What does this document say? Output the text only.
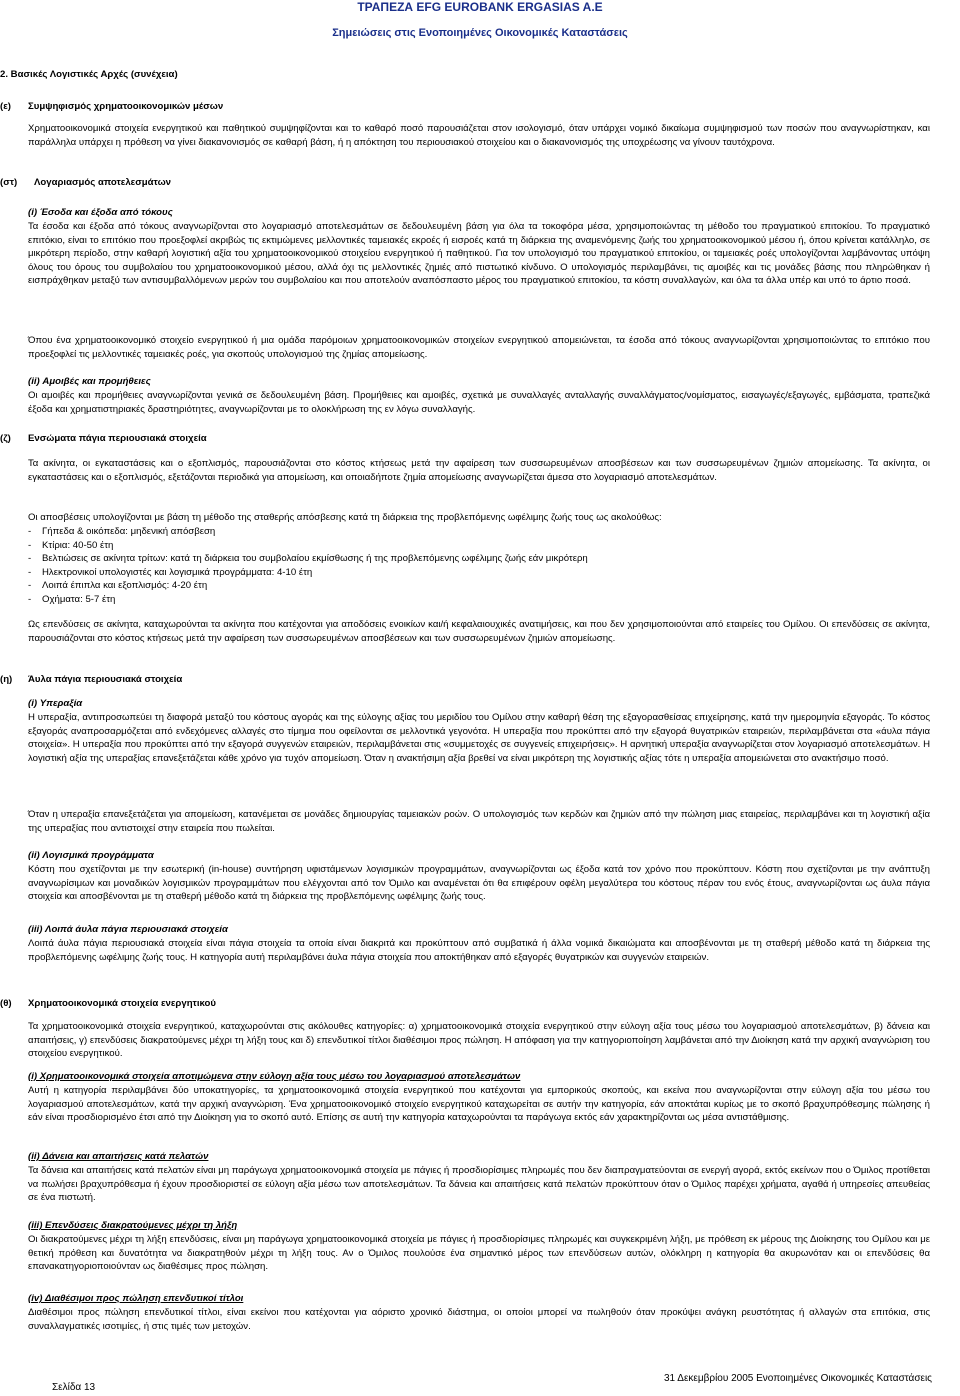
ΤΡΑΠΕΖΑ EFG EUROBANK ERGASIAS A.E
Σημειώσεις στις Ενοποιημένες Οικονομικές Καταστάσεις
2. Βασικές Λογιστικές Αρχές (συνέχεια)
(ε) Συμψηφισμός χρηματοοικονομικών μέσων

Χρηματοοικονομικά στοιχεία ενεργητικού και παθητικού συμψηφίζονται και το καθαρό ποσό παρουσιάζεται στον ισολογισμό, όταν υπάρχει νομικό δικαίωμα συμψηφισμού των ποσών που αναγνωρίστηκαν, και παράλληλα υπάρχει η πρόθεση να γίνει διακανονισμός σε καθαρή βάση, ή η απόκτηση του περιουσιακού στοιχείου και ο διακανονισμός της υποχρέωσης να γίνουν ταυτόχρονα.

(στ) Λογαριασμός αποτελεσμάτων
(i) Έσοδα και έξοδα από τόκους

Τα έσοδα και έξοδα από τόκους αναγνωρίζονται στο λογαριασμό αποτελεσμάτων σε δεδουλευμένη βάση για όλα τα τοκοφόρα μέσα, χρησιμοποιώντας τη μέθοδο του πραγματικού επιτοκίου. Το πραγματικό επιτόκιο, είναι το επιτόκιο που προεξοφλεί ακριβώς τις εκτιμώμενες μελλοντικές ταμειακές εκροές ή εισροές κατά τη διάρκεια της αναμενόμενης ζωής του χρηματοοικονομικού μέσου ή, όπου κρίνεται κατάλληλο, σε μικρότερη περίοδο, στην καθαρή λογιστική αξία του χρηματοοικονομικού στοιχείου ενεργητικού ή παθητικού. Για τον υπολογισμό του πραγματικού επιτοκίου, οι ταμειακές ροές υπολογίζονται λαμβάνοντας υπόψη όλους του όρους του συμβολαίου του χρηματοοικονομικού μέσου, αλλά όχι τις μελλοντικές ζημιές από πιστωτικό κίνδυνο. Ο υπολογισμός περιλαμβάνει, τις αμοιβές και τις μονάδες βάσης που πληρώθηκαν ή εισπράχθηκαν μεταξύ των αντισυμβαλλόμενων μερών του συμβολαίου και που αποτελούν αναπόσπαστο μέρος του πραγματικού επιτοκίου, τα κόστη συναλλαγών, και όλα τα άλλα υπέρ και υπό το άρτιο ποσά.

Όπου ένα χρηματοοικονομικό στοιχείο ενεργητικού ή μια ομάδα παρόμοιων χρηματοοικονομικών στοιχείων ενεργητικού απομειώνεται, τα έσοδα από τόκους αναγνωρίζονται χρησιμοποιώντας το επιτόκιο που προεξοφλεί τις μελλοντικές ταμειακές ροές, για σκοπούς υπολογισμού της ζημίας απομείωσης.

(ii) Αμοιβές και προμήθειες

Οι αμοιβές και προμήθειες αναγνωρίζονται γενικά σε δεδουλευμένη βάση. Προμήθειες και αμοιβές, σχετικά με συναλλαγές ανταλλαγής συναλλάγματος/νομίσματος, εισαγωγές/εξαγωγές, εμβάσματα, τραπεζικά έξοδα και χρηματιστηριακές δραστηριότητες, αναγνωρίζονται με το ολοκλήρωση της εν λόγω συναλλαγής.

(ζ) Ενσώματα πάγια περιουσιακά στοιχεία

Τα ακίνητα, οι εγκαταστάσεις και ο εξοπλισμός, παρουσιάζονται στο κόστος κτήσεως μετά την αφαίρεση των συσσωρευμένων αποσβέσεων και των συσσωρευμένων ζημιών απομείωσης. Τα ακίνητα, οι εγκαταστάσεις και ο εξοπλισμός, εξετάζονται περιοδικά για απομείωση, και οποιαδήποτε ζημία απομείωσης αναγνωρίζεται άμεσα στο λογαριασμό αποτελεσμάτων.

Οι αποσβέσεις υπολογίζονται με βάση τη μέθοδο της σταθερής απόσβεσης κατά τη διάρκεια της προβλεπόμενης ωφέλιμης ζωής τους ως ακολούθως:

- Γήπεδα & οικόπεδα: μηδενική απόσβεση
- Κτίρια: 40-50 έτη
- Βελτιώσεις σε ακίνητα τρίτων: κατά τη διάρκεια του συμβολαίου εκμίσθωσης ή της προβλεπόμενης ωφέλιμης ζωής εάν μικρότερη
- Ηλεκτρονικοί υπολογιστές και λογισμικά προγράμματα: 4-10 έτη
- Λοιπά έπιπλα και εξοπλισμός: 4-20 έτη
- Οχήματα: 5-7 έτη

Ως επενδύσεις σε ακίνητα, καταχωρούνται τα ακίνητα που κατέχονται για αποδόσεις ενοικίων και/ή κεφαλαιουχικές ανατιμήσεις, και που δεν χρησιμοποιούνται από εταιρείες του Ομίλου. Οι επενδύσεις σε ακίνητα, παρουσιάζονται στο κόστος κτήσεως μετά την αφαίρεση των συσσωρευμένων αποσβέσεων και των συσσωρευμένων ζημιών απομείωσης.

(η) Άυλα πάγια περιουσιακά στοιχεία
(i) Υπεραξία

Η υπεραξία, αντιπροσωπεύει τη διαφορά μεταξύ του κόστους αγοράς και της εύλογης αξίας του μεριδίου του Ομίλου στην καθαρή θέση της εξαγορασθείσας επιχείρησης, κατά την ημερομηνία εξαγοράς. Το κόστος εξαγοράς αναπροσαρμόζεται από ενδεχόμενες αλλαγές στο τίμημα που οφείλονται σε μελλοντικά γεγονότα. Η υπεραξία που προκύπτει από την εξαγορά θυγατρικών εταιρειών, περιλαμβάνεται στα «άυλα πάγια στοιχεία». Η υπεραξία που προκύπτει από την εξαγορά συγγενών εταιρειών, περιλαμβάνεται στις «συμμετοχές σε συγγενείς επιχειρήσεις». Η αρνητική υπεραξία αναγνωρίζεται στον λογαριασμό αποτελεσμάτων. Η λογιστική αξία της υπεραξίας επανεξετάζεται κάθε χρόνο για τυχόν απομείωση. Όταν η ανακτήσιμη αξία βρεθεί να είναι μικρότερη της λογιστικής αξίας τότε η υπεραξία απομειώνεται στο ανακτήσιμο ποσό.

Όταν η υπεραξία επανεξετάζεται για απομείωση, κατανέμεται σε μονάδες δημιουργίας ταμειακών ροών. Ο υπολογισμός των κερδών και ζημιών από την πώληση μιας εταιρείας, περιλαμβάνει και τη λογιστική αξία της υπεραξίας που αντιστοιχεί στην εταιρεία που πωλείται.

(ii) Λογισμικά προγράμματα

Κόστη που σχετίζονται με την εσωτερική (in-house) συντήρηση υφιστάμενων λογισμικών προγραμμάτων, αναγνωρίζονται ως έξοδα κατά τον χρόνο που προκύπτουν. Κόστη που σχετίζονται με την ανάπτυξη αναγνωρίσιμων και μοναδικών λογισμικών προγραμμάτων που ελέγχονται από τον Όμιλο και αναμένεται ότι θα επιφέρουν οφέλη μεγαλύτερα του κόστους πέραν του ενός έτους, αναγνωρίζονται ως άυλα πάγια στοιχεία και αποσβένονται με τη σταθερή μέθοδο κατά τη διάρκεια της προβλεπόμενης ωφέλιμης ζωής τους.

(iii) Λοιπά άυλα πάγια περιουσιακά στοιχεία

Λοιπά άυλα πάγια περιουσιακά στοιχεία είναι πάγια στοιχεία τα οποία είναι διακριτά και προκύπτουν από συμβατικά ή άλλα νομικά δικαιώματα και αποσβένονται με τη σταθερή μέθοδο κατά τη διάρκεια της προβλεπόμενης ωφέλιμης ζωής τους. Η κατηγορία αυτή περιλαμβάνει άυλα πάγια στοιχεία που αποκτήθηκαν από εξαγορές θυγατρικών και συγγενών εταιρειών.

(θ) Χρηματοοικονομικά στοιχεία ενεργητικού

Τα χρηματοοικονομικά στοιχεία ενεργητικού, καταχωρούνται στις ακόλουθες κατηγορίες: α) χρηματοοικονομικά στοιχεία ενεργητικού στην εύλογη αξία τους μέσω του λογαριασμού αποτελεσμάτων, β) δάνεια και απαιτήσεις, γ) επενδύσεις διακρατούμενες μέχρι τη λήξη τους και δ) επενδυτικοί τίτλοι διαθέσιμοι προς πώληση. Η απόφαση για την κατηγοριοποίηση λαμβάνεται από την Διοίκηση κατά την αρχική αναγνώριση του στοιχείου ενεργητικού.

(i) Χρηματοοικονομικά στοιχεία αποτιμώμενα στην εύλογη αξία τους μέσω του λογαριασμού αποτελεσμάτων

Αυτή η κατηγορία περιλαμβάνει δύο υποκατηγορίες, τα χρηματοοικονομικά στοιχεία ενεργητικού που κατέχονται για εμπορικούς σκοπούς, και εκείνα που αναγνωρίζονται στην εύλογη αξία του μέσω του λογαριασμού αποτελεσμάτων, κατά την αρχική αναγνώριση. Ένα χρηματοοικονομικό στοιχείο ενεργητικού καταχωρείται σε αυτήν την κατηγορία, εάν αποκτάται κυρίως με το σκοπό βραχυπρόθεσμης πώλησης ή εάν είναι προσδιορισμένο έτσι από την Διοίκηση για το σκοπό αυτό. Επίσης σε αυτή την κατηγορία καταχωρούνται τα παράγωγα εκτός εάν χαρακτηρίζονται ως μέσα αντιστάθμισης.

(ii) Δάνεια και απαιτήσεις κατά πελατών

Τα δάνεια και απαιτήσεις κατά πελατών είναι μη παράγωγα χρηματοοικονομικά στοιχεία με πάγιες ή προσδιορίσιμες πληρωμές που δεν διαπραγματεύονται σε ενεργή αγορά, εκτός εκείνων που ο Όμιλος προτίθεται να πωλήσει βραχυπρόθεσμα ή έχουν προσδιοριστεί σε εύλογη αξία μέσω των αποτελεσμάτων. Τα δάνεια και απαιτήσεις κατά πελατών προκύπτουν όταν ο Όμιλος παρέχει χρήματα, αγαθά ή υπηρεσίες απευθείας σε ένα πιστωτή.

(iii) Επενδύσεις διακρατούμενες μέχρι τη λήξη

Οι διακρατούμενες μέχρι τη λήξη επενδύσεις, είναι μη παράγωγα χρηματοοικονομικά στοιχεία με πάγιες ή προσδιορίσιμες πληρωμές και συγκεκριμένη λήξη, με πρόθεση εκ μέρους της Διοίκησης του Ομίλου και με θετική πρόθεση και δυνατότητα να διακρατηθούν μέχρι τη λήξη τους. Αν ο Όμιλος πουλούσε ένα σημαντικό μέρος των επενδύσεων αυτών, ολόκληρη η κατηγορία θα ακυρωνόταν και οι επενδύσεις θα επανακατηγοριοποιούνταν ως διαθέσιμες προς πώληση.

(iv) Διαθέσιμοι προς πώληση επενδυτικοί τίτλοι

Διαθέσιμοι προς πώληση επενδυτικοί τίτλοι, είναι εκείνοι που κατέχονται για αόριστο χρονικό διάστημα, οι οποίοι μπορεί να πωληθούν όταν προκύψει ανάγκη ρευστότητας ή αλλαγών στα επιτόκια, στις συναλλαγματικές ισοτιμίες, ή στις τιμές των μετοχών.

31 Δεκεμβρίου 2005 Ενοποιημένες Οικονομικές Καταστάσεις
Σελίδα 13
